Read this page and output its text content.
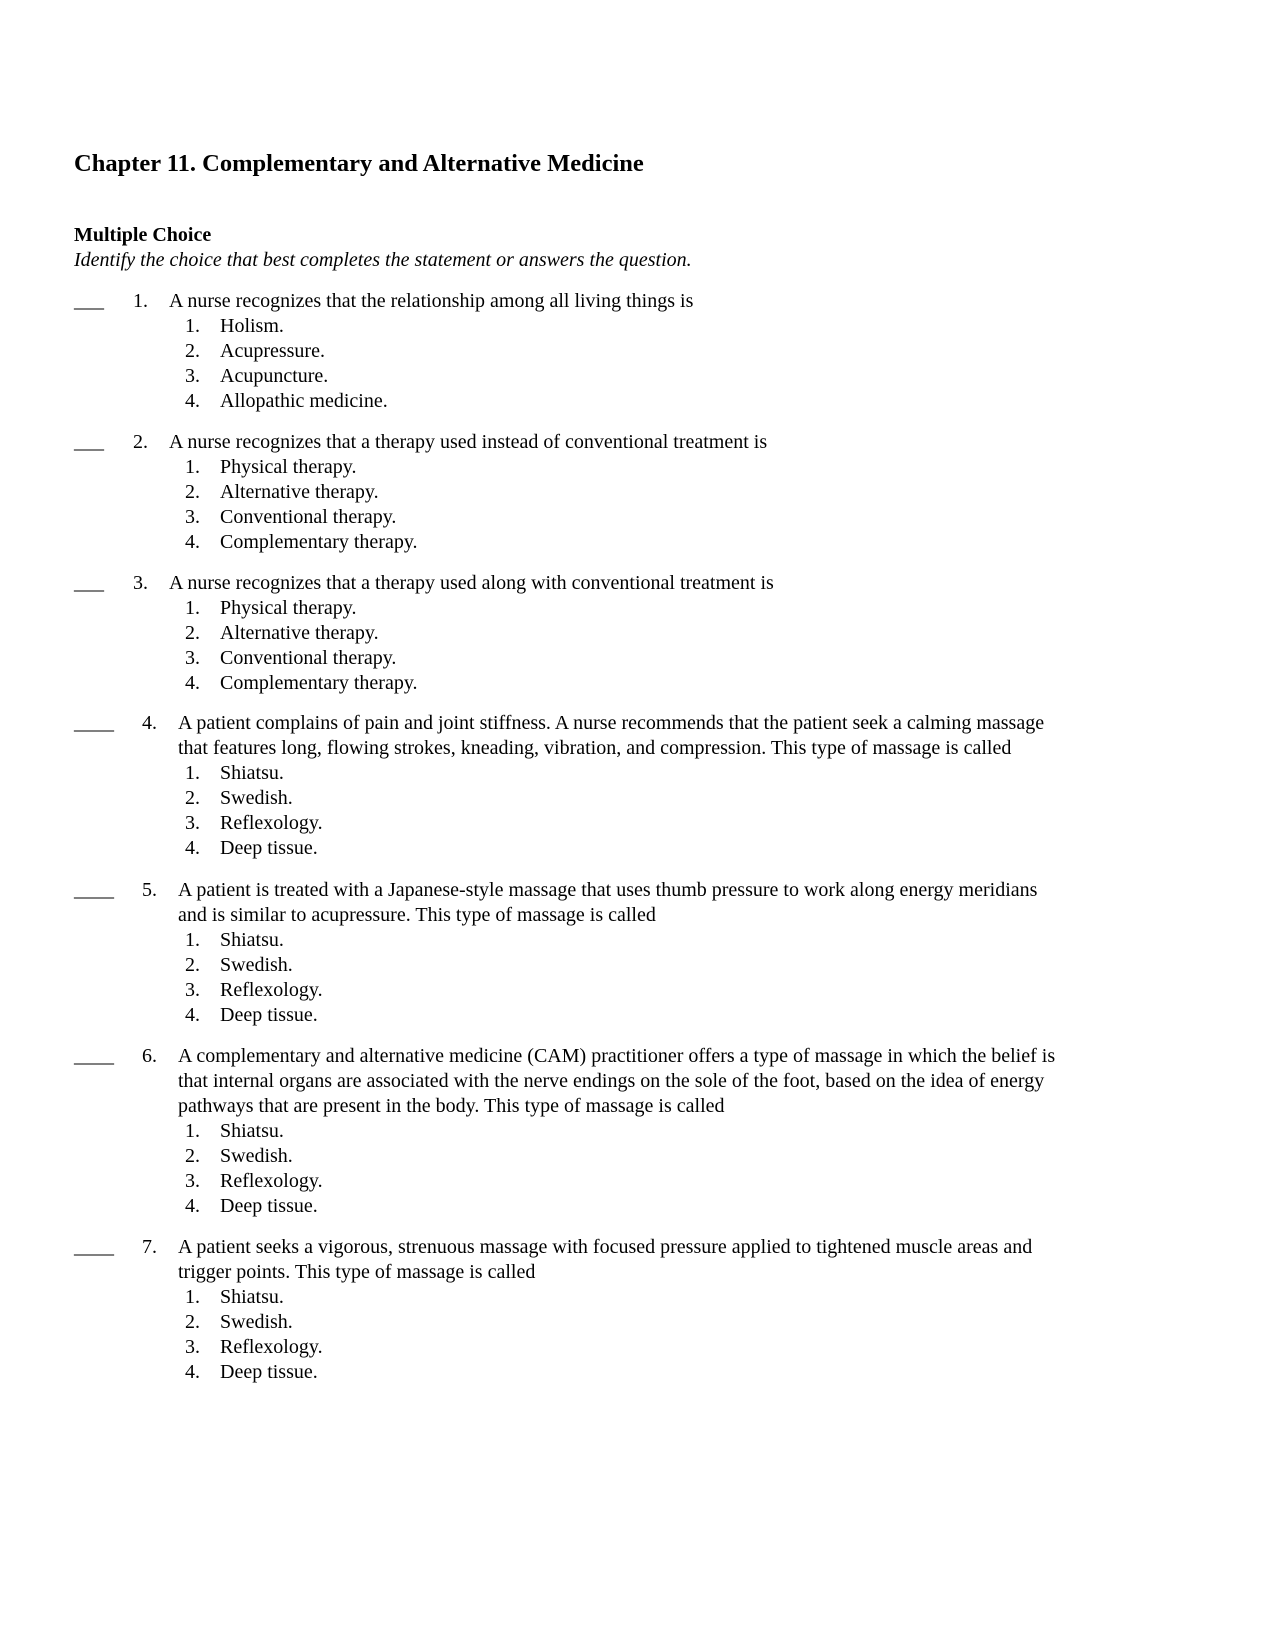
Chapter 11. Complementary and Alternative Medicine
Multiple Choice

Identify the choice that best completes the statement or answers the question.

___	1. A nurse recognizes that the relationship among all living things is
1. Holism.
2. Acupressure.
3. Acupuncture.
4. Allopathic medicine.
___	2. A nurse recognizes that a therapy used instead of conventional treatment is
1. Physical therapy.
2. Alternative therapy.
3. Conventional therapy.
4. Complementary therapy.
___	3. A nurse recognizes that a therapy used along with conventional treatment is
1. Physical therapy.
2. Alternative therapy.
3. Conventional therapy.
4. Complementary therapy.
____	4. A patient complains of pain and joint stiffness. A nurse recommends that the patient seek a calming massage
that features long, flowing strokes, kneading, vibration, and compression. This type of massage is called
1. Shiatsu.
2. Swedish.
3. Reflexology.
4. Deep tissue.
____	5. A patient is treated with a Japanese-style massage that uses thumb pressure to work along energy meridians
and is similar to acupressure. This type of massage is called
1. Shiatsu.
2. Swedish.
3. Reflexology.
4. Deep tissue.
____	6. A complementary and alternative medicine (CAM) practitioner offers a type of massage in which the belief is
that internal organs are associated with the nerve endings on the sole of the foot, based on the idea of energy
pathways that are present in the body. This type of massage is called
1. Shiatsu.
2. Swedish.
3. Reflexology.
4. Deep tissue.
____	7. A patient seeks a vigorous, strenuous massage with focused pressure applied to tightened muscle areas and
trigger points. This type of massage is called
1. Shiatsu.
2. Swedish.
3. Reflexology.
4. Deep tissue.
